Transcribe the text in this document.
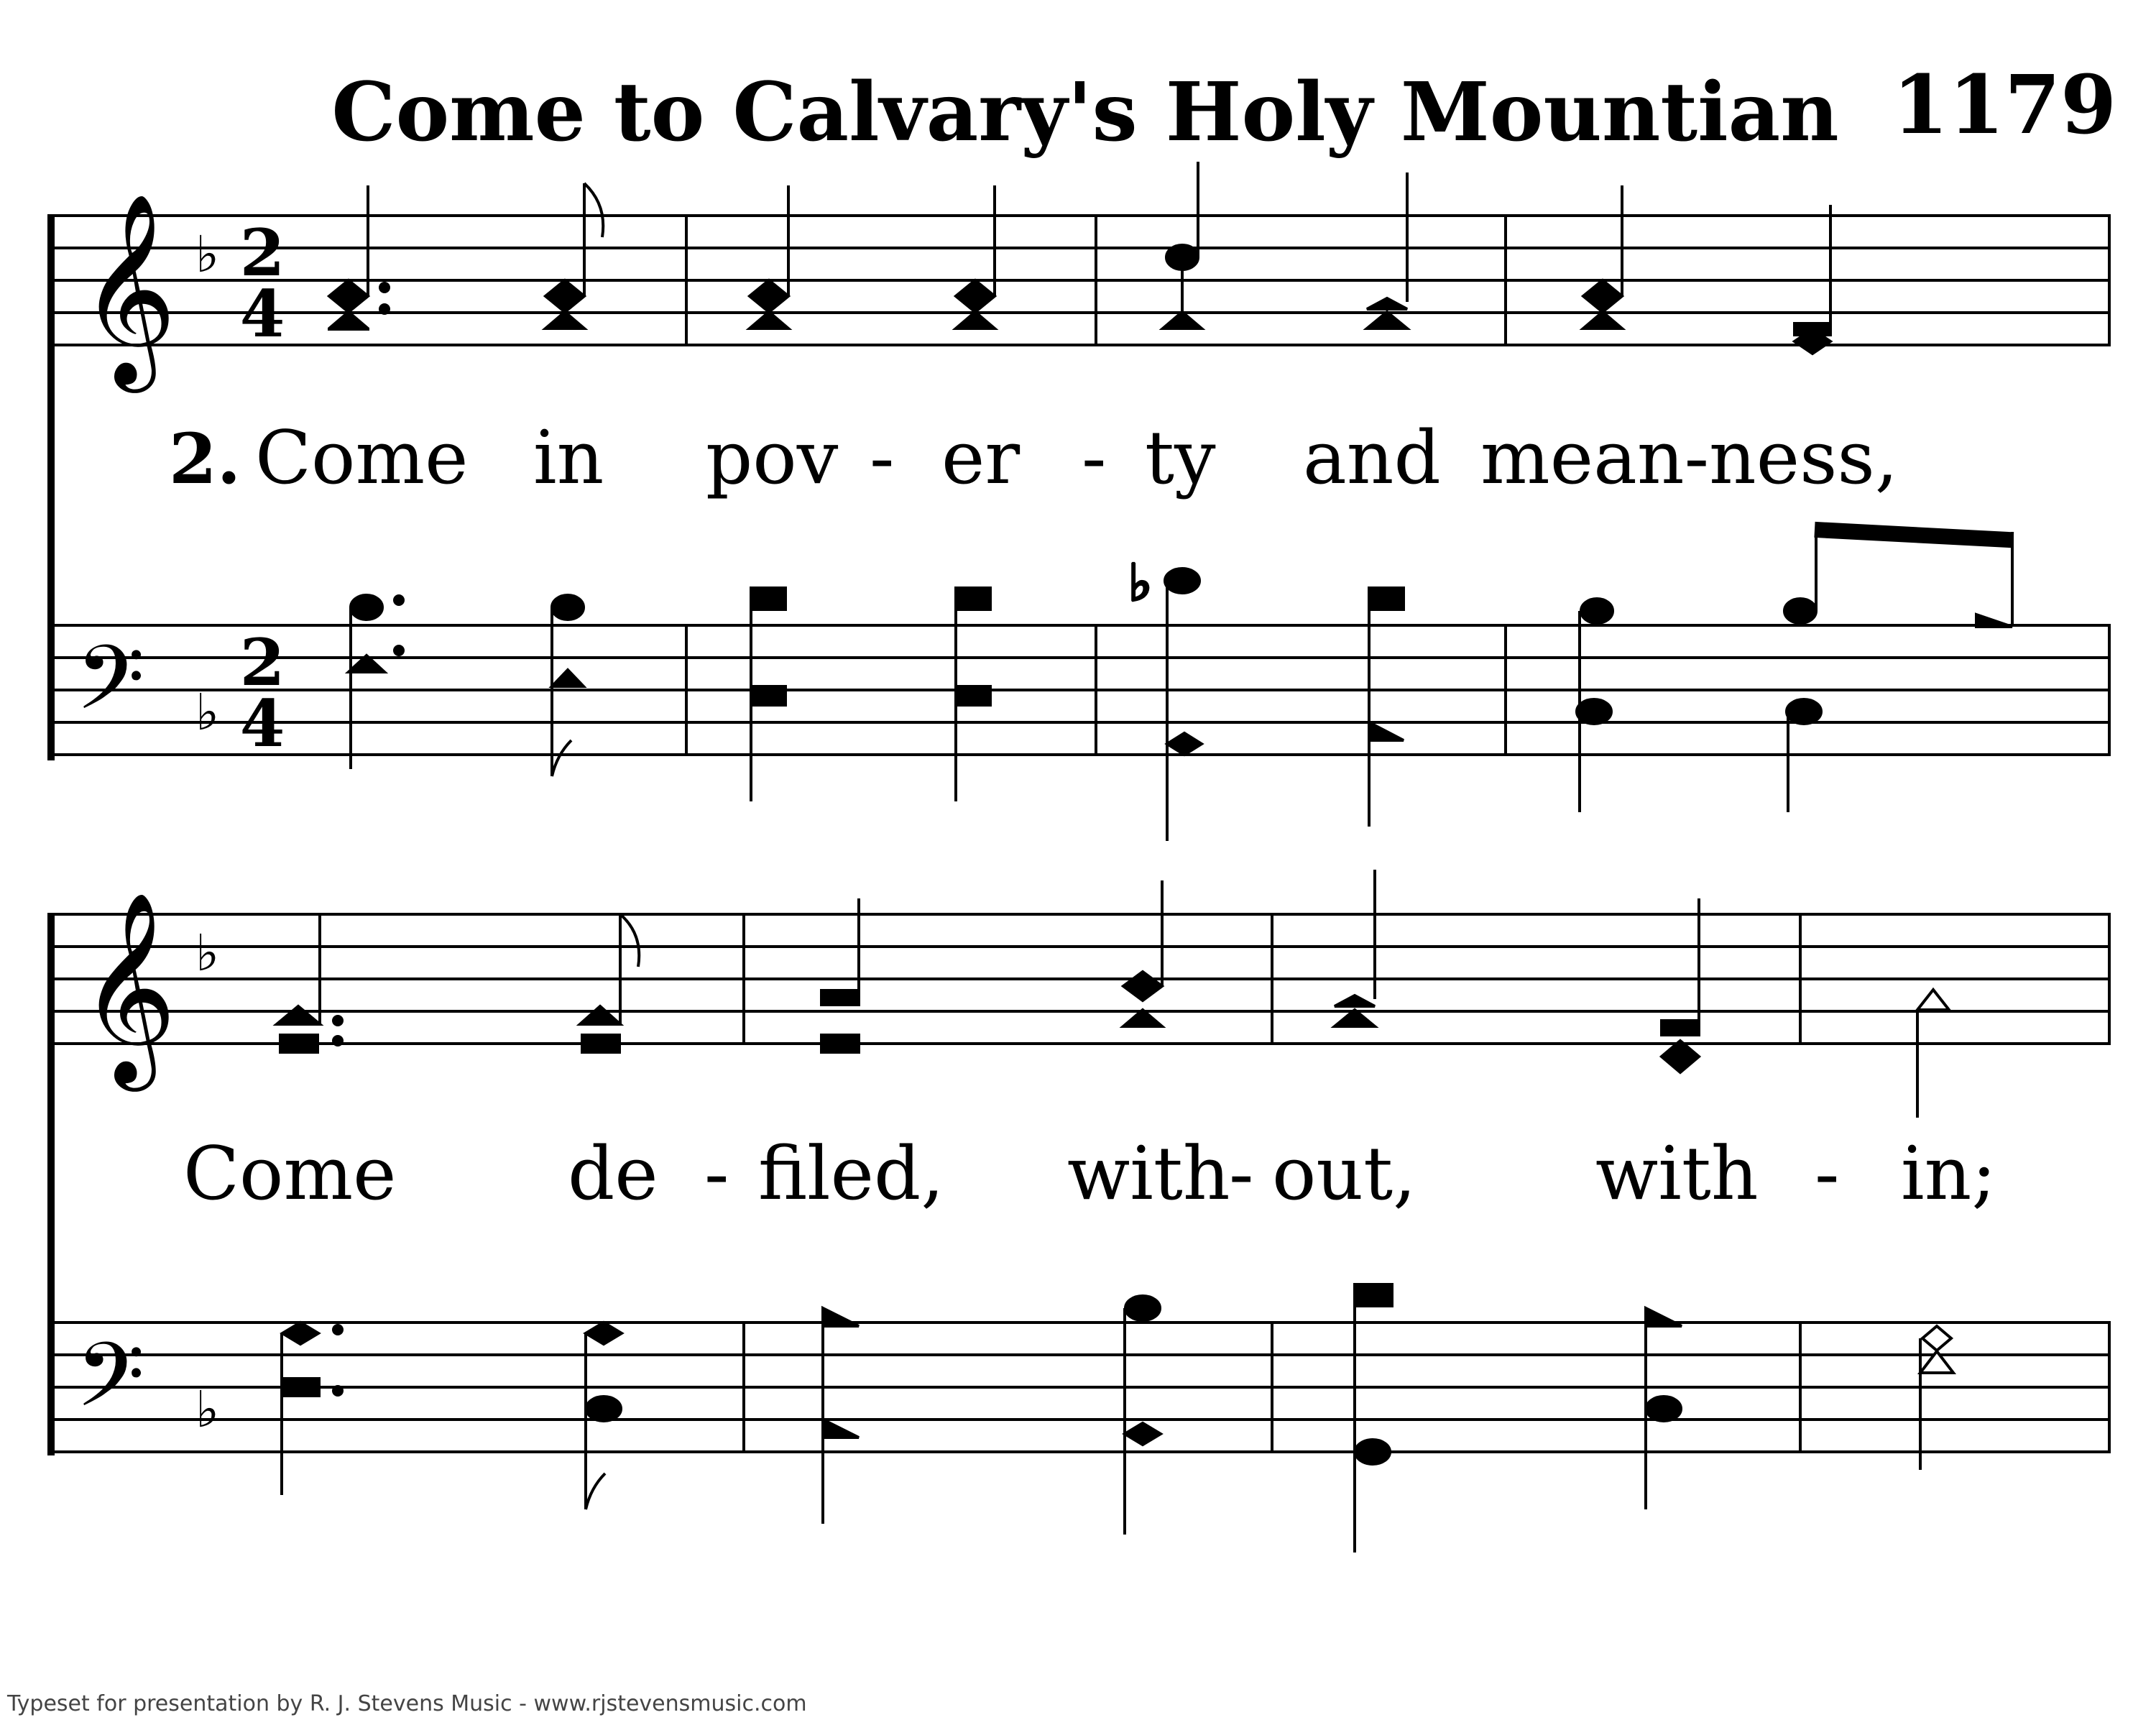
Come to Calvary's Holy Mountian 1179
𝄞 ♭ 2
4
2. Come in pov - er - ty and mean-ness,
𝄢 ♭
2
4
♭
𝄞 ♭
Come de - filed, with
- out, with - in;
𝄢 ♭
Typeset for presentation by R. J. Stevens Music - www.rjstevensmusic.com
